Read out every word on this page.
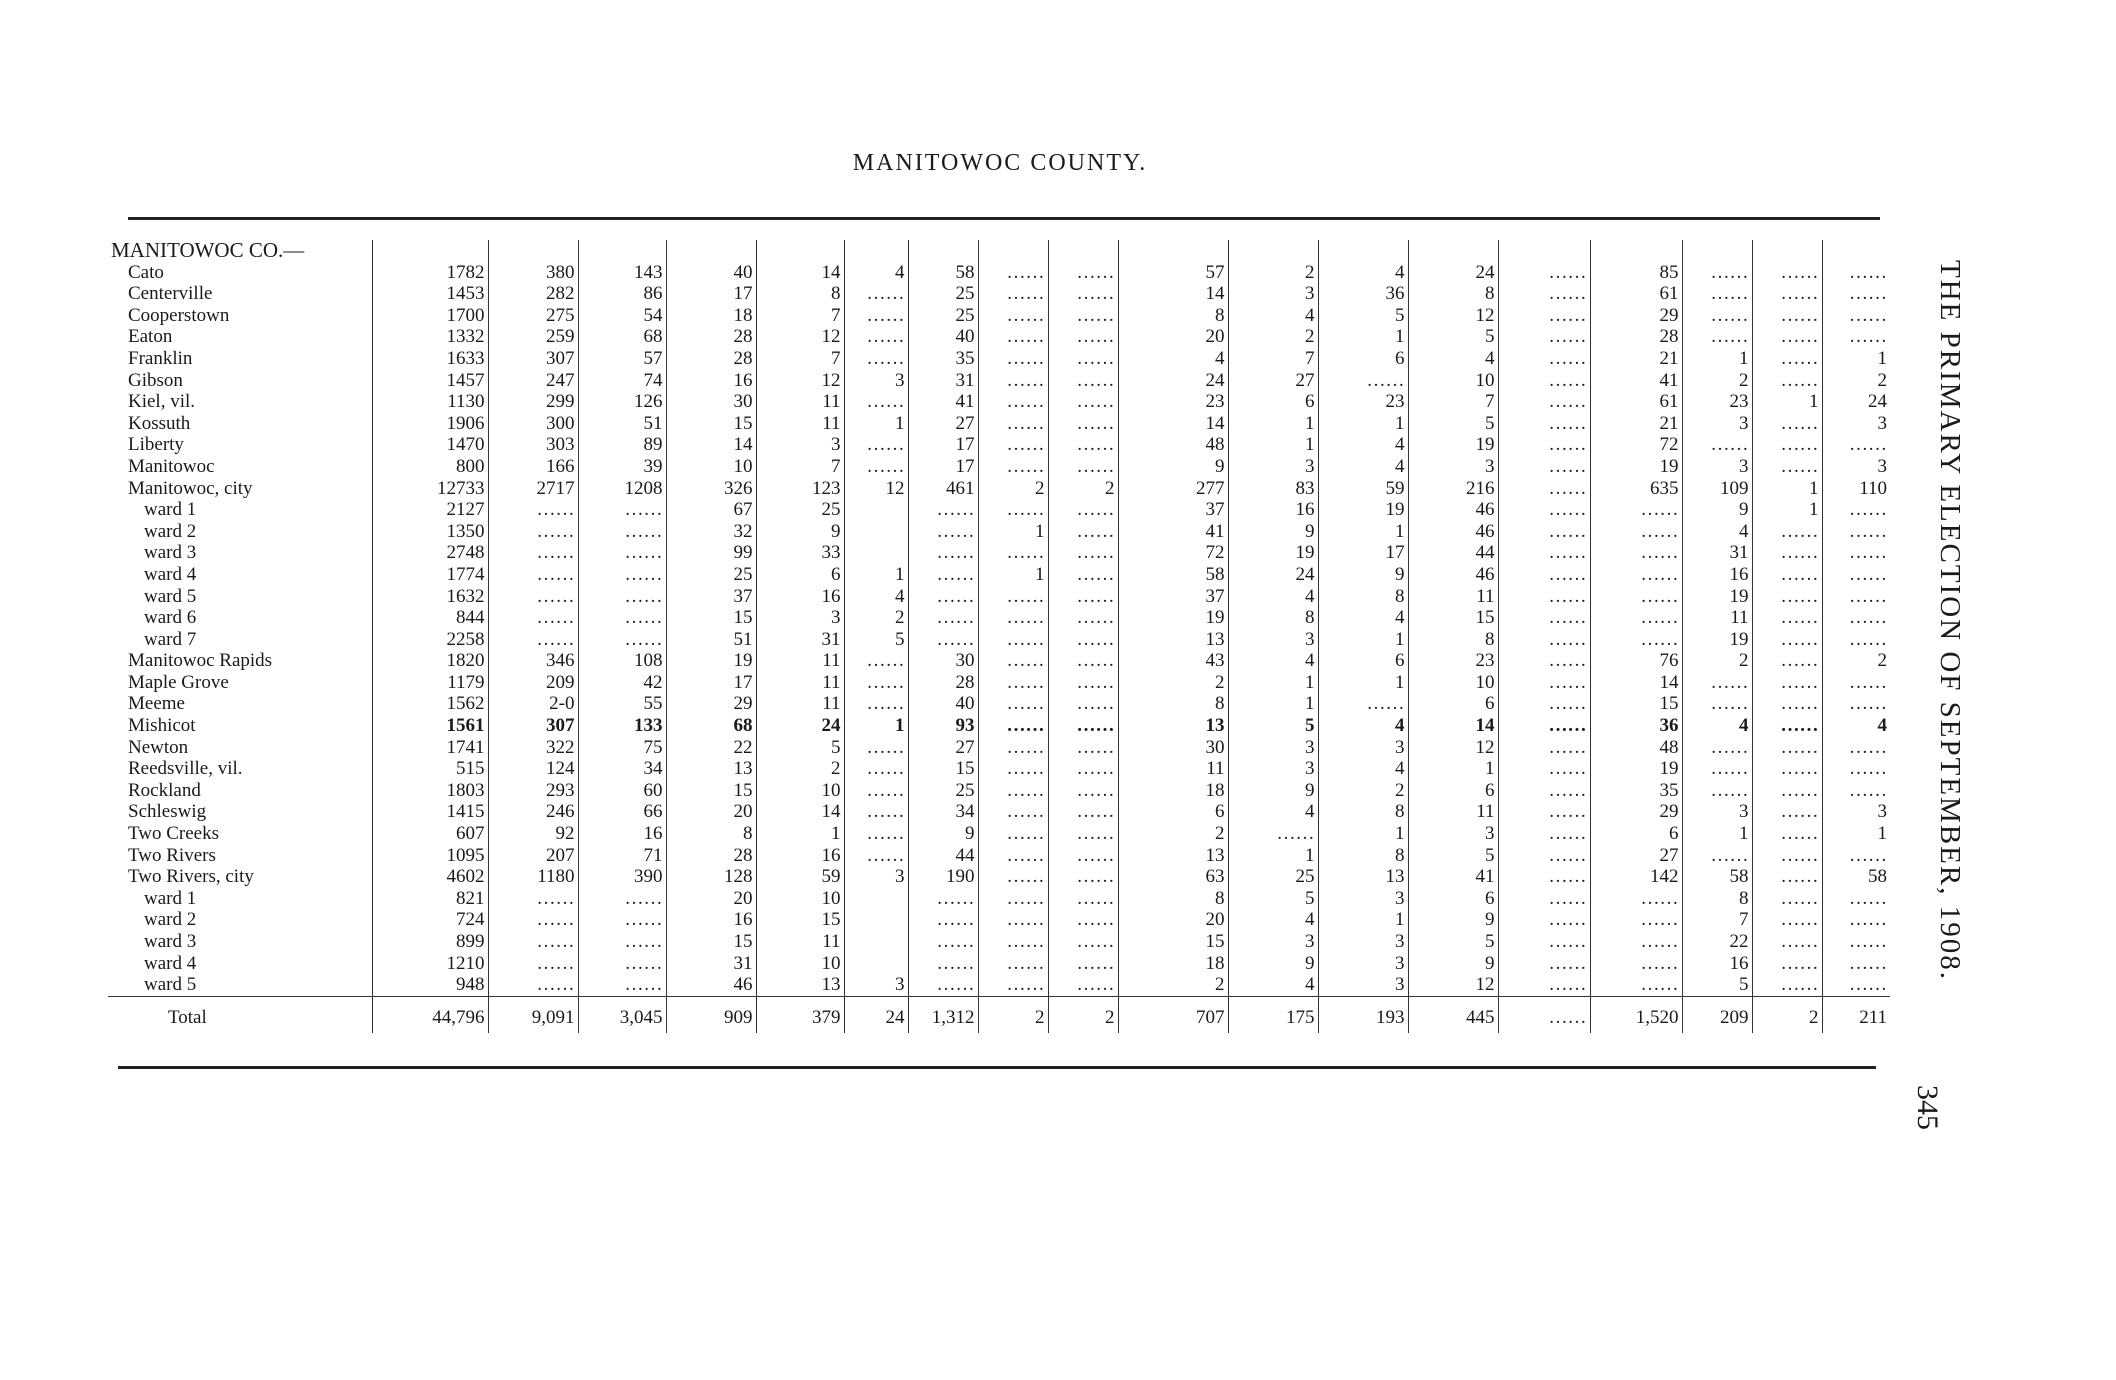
MANITOWOC COUNTY.
MANITOWOC CO.—																		
Cato	1782	380	143	40	14	4	58	……	……	57	2	4	24	……	85	……	……	……
Centerville	1453	282	86	17	8	……	25	……	……	14	3	36	8	……	61	……	……	……
Cooperstown	1700	275	54	18	7	……	25	……	……	8	4	5	12	……	29	……	……	……
Eaton	1332	259	68	28	12	……	40	……	……	20	2	1	5	……	28	……	……	……
Franklin	1633	307	57	28	7	……	35	……	……	4	7	6	4	……	21	1	……	1
Gibson	1457	247	74	16	12	3	31	……	……	24	27	……	10	……	41	2	……	2
Kiel, vil.	1130	299	126	30	11	……	41	……	……	23	6	23	7	……	61	23	1	24
Kossuth	1906	300	51	15	11	1	27	……	……	14	1	1	5	……	21	3	……	3
Liberty	1470	303	89	14	3	……	17	……	……	48	1	4	19	……	72	……	……	……
Manitowoc	800	166	39	10	7	……	17	……	……	9	3	4	3	……	19	3	……	3
Manitowoc, city	12733	2717	1208	326	123	12	461	2	2	277	83	59	216	……	635	109	1	110
ward 1	2127	……	……	67	25		……	……	……	37	16	19	46	……	……	9	1	……
ward 2	1350	……	……	32	9		……	1	……	41	9	1	46	……	……	4	……	……
ward 3	2748	……	……	99	33		……	……	……	72	19	17	44	……	……	31	……	……
ward 4	1774	……	……	25	6	1	……	1	……	58	24	9	46	……	……	16	……	……
ward 5	1632	……	……	37	16	4	……	……	……	37	4	8	11	……	……	19	……	……
ward 6	844	……	……	15	3	2	……	……	……	19	8	4	15	……	……	11	……	……
ward 7	2258	……	……	51	31	5	……	……	……	13	3	1	8	……	……	19	……	……
Manitowoc Rapids	1820	346	108	19	11	……	30	……	……	43	4	6	23	……	76	2	……	2
Maple Grove	1179	209	42	17	11	……	28	……	……	2	1	1	10	……	14	……	……	……
Meeme	1562	2-0	55	29	11	……	40	……	……	8	1	……	6	……	15	……	……	……
Mishicot	1561	307	133	68	24	1	93	……	……	13	5	4	14	……	36	4	……	4
Newton	1741	322	75	22	5	……	27	……	……	30	3	3	12	……	48	……	……	……
Reedsville, vil.	515	124	34	13	2	……	15	……	……	11	3	4	1	……	19	……	……	……
Rockland	1803	293	60	15	10	……	25	……	……	18	9	2	6	……	35	……	……	……
Schleswig	1415	246	66	20	14	……	34	……	……	6	4	8	11	……	29	3	……	3
Two Creeks	607	92	16	8	1	……	9	……	……	2	……	1	3	……	6	1	……	1
Two Rivers	1095	207	71	28	16	……	44	……	……	13	1	8	5	……	27	……	……	……
Two Rivers, city	4602	1180	390	128	59	3	190	……	……	63	25	13	41	……	142	58	……	58
ward 1	821	……	……	20	10		……	……	……	8	5	3	6	……	……	8	……	……
ward 2	724	……	……	16	15		……	……	……	20	4	1	9	……	……	7	……	……
ward 3	899	……	……	15	11		……	……	……	15	3	3	5	……	……	22	……	……
ward 4	1210	……	……	31	10		……	……	……	18	9	3	9	……	……	16	……	……
ward 5	948	……	……	46	13	3	……	……	……	2	4	3	12	……	……	5	……	……
Total	44,796	9,091	3,045	909	379	24	1,312	2	2	707	175	193	445	……	1,520	209	2	211
THE PRIMARY ELECTION OF SEPTEMBER, 1908.
345
